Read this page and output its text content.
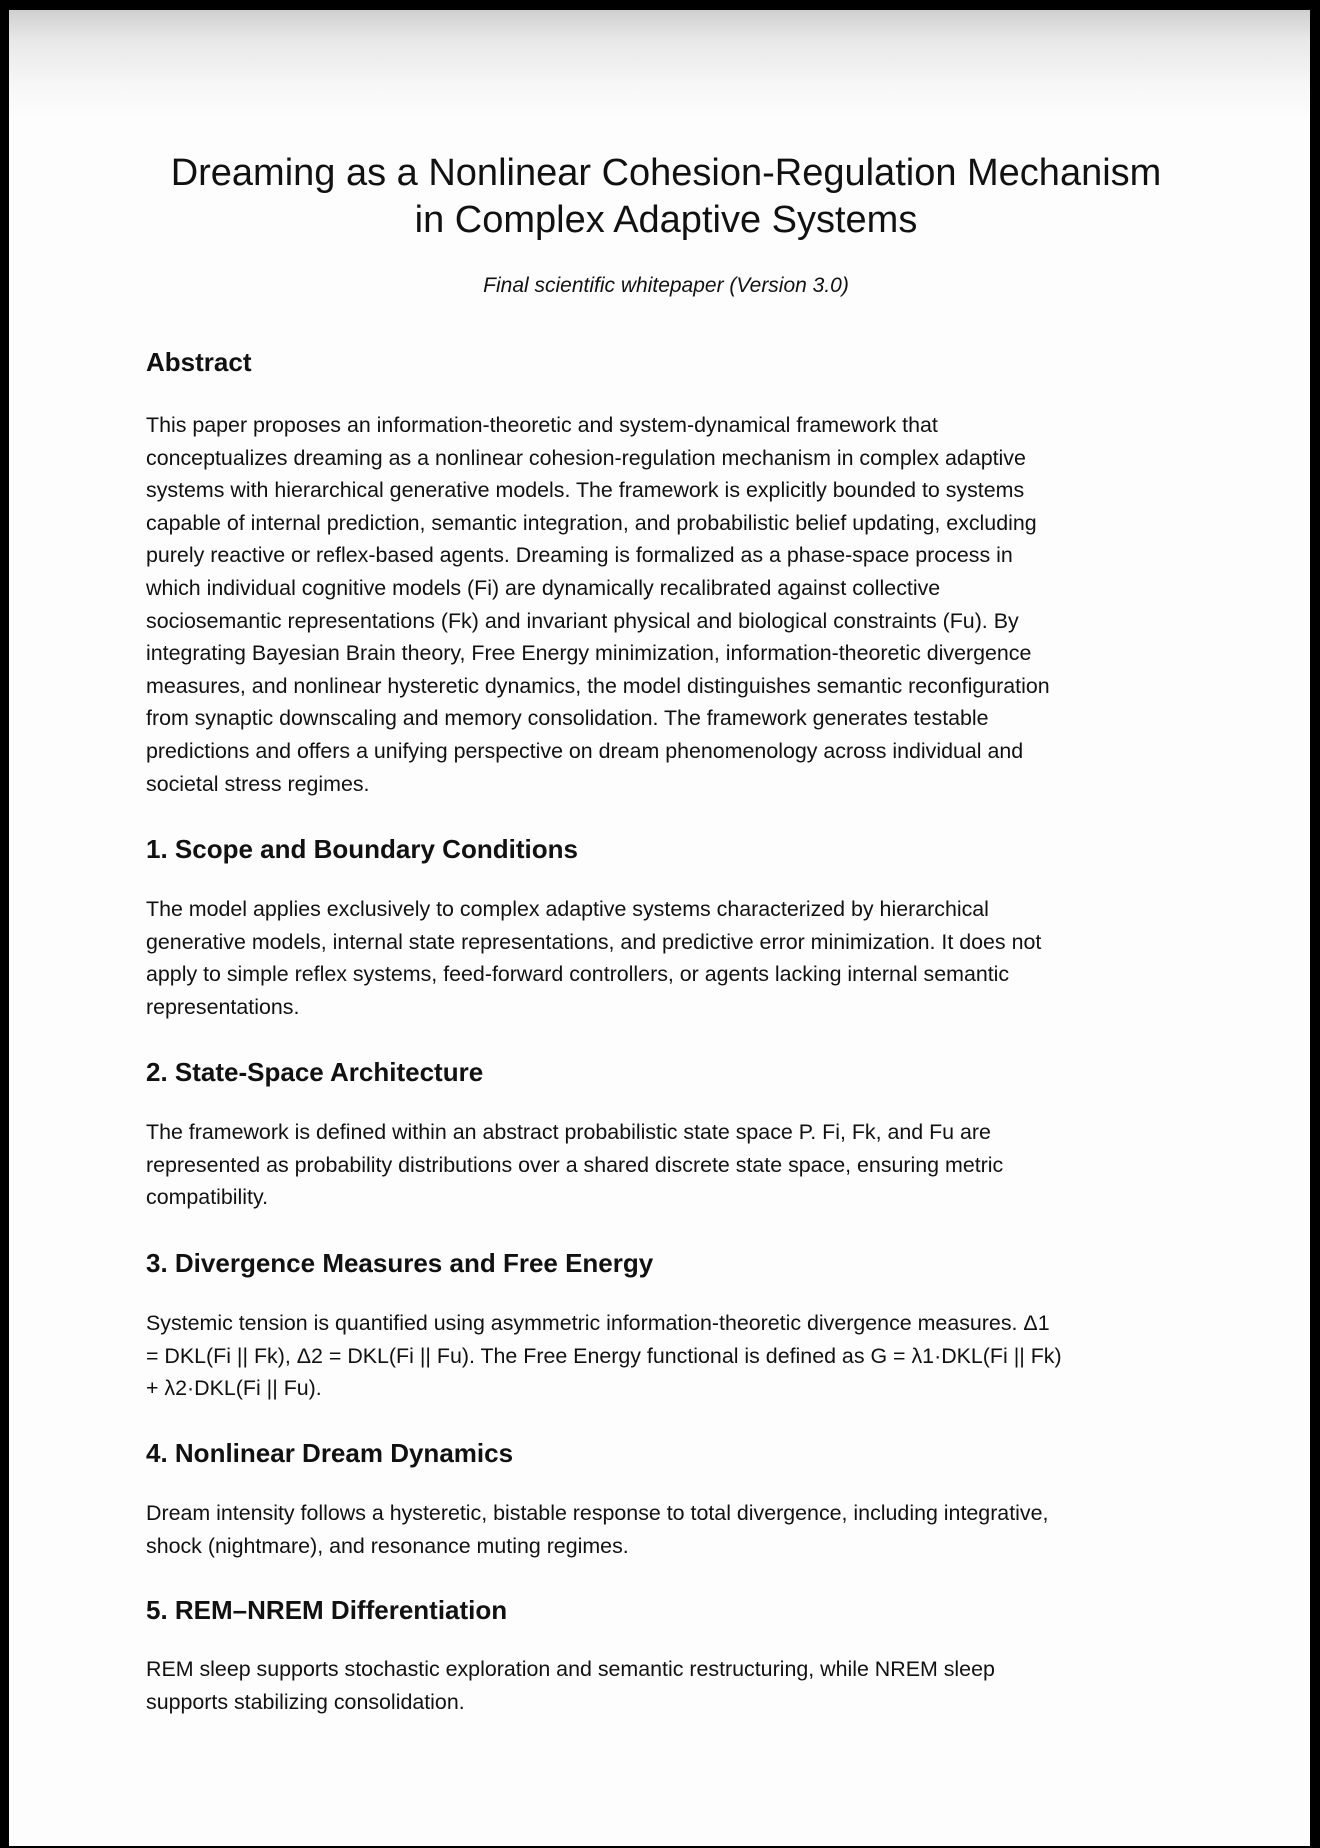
Dreaming as a Nonlinear Cohesion-Regulation Mechanism
in Complex Adaptive Systems
Final scientific whitepaper (Version 3.0)
Abstract

This paper proposes an information-theoretic and system-dynamical framework that
conceptualizes dreaming as a nonlinear cohesion-regulation mechanism in complex adaptive
systems with hierarchical generative models. The framework is explicitly bounded to systems
capable of internal prediction, semantic integration, and probabilistic belief updating, excluding
purely reactive or reflex-based agents. Dreaming is formalized as a phase-space process in
which individual cognitive models (Fi) are dynamically recalibrated against collective
sociosemantic representations (Fk) and invariant physical and biological constraints (Fu). By
integrating Bayesian Brain theory, Free Energy minimization, information-theoretic divergence
measures, and nonlinear hysteretic dynamics, the model distinguishes semantic reconfiguration
from synaptic downscaling and memory consolidation. The framework generates testable
predictions and offers a unifying perspective on dream phenomenology across individual and
societal stress regimes.

1. Scope and Boundary Conditions

The model applies exclusively to complex adaptive systems characterized by hierarchical
generative models, internal state representations, and predictive error minimization. It does not
apply to simple reflex systems, feed-forward controllers, or agents lacking internal semantic
representations.

2. State-Space Architecture

The framework is defined within an abstract probabilistic state space P. Fi, Fk, and Fu are
represented as probability distributions over a shared discrete state space, ensuring metric
compatibility.

3. Divergence Measures and Free Energy

Systemic tension is quantified using asymmetric information-theoretic divergence measures. Δ1
= DKL(Fi || Fk), Δ2 = DKL(Fi || Fu). The Free Energy functional is defined as G = λ1·DKL(Fi || Fk)
+ λ2·DKL(Fi || Fu).

4. Nonlinear Dream Dynamics

Dream intensity follows a hysteretic, bistable response to total divergence, including integrative,
shock (nightmare), and resonance muting regimes.

5. REM–NREM Differentiation

REM sleep supports stochastic exploration and semantic restructuring, while NREM sleep
supports stabilizing consolidation.
